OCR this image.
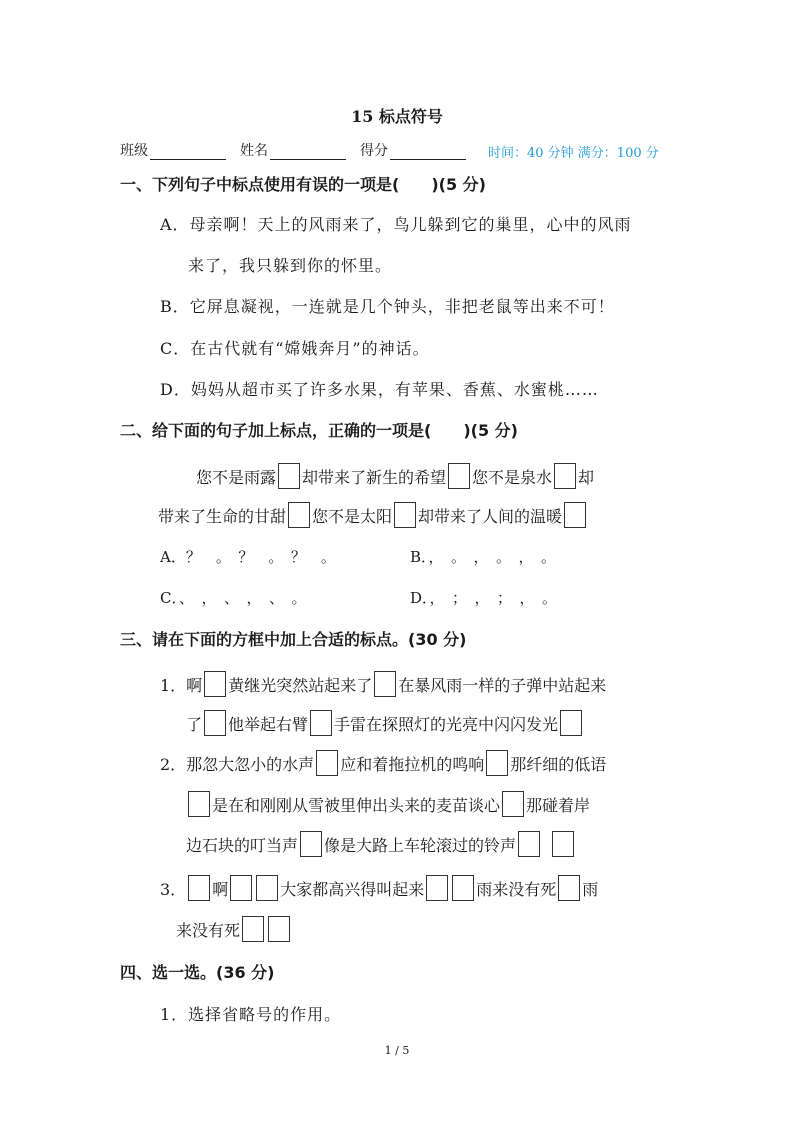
15 标点符号
班级	姓名	得分	时间：40 分钟 满分：100 分
一、下列句子中标点使用有误的一项是(　　)(5 分)
A．母亲啊！天上的风雨来了，鸟儿躲到它的巢里，心中的风雨
来了，我只躲到你的怀里。
B．它屏息凝视，一连就是几个钟头，非把老鼠等出来不可！
C．在古代就有“嫦娥奔月”的神话。
D．妈妈从超市买了许多水果，有苹果、香蕉、水蜜桃……
二、给下面的句子加上标点，正确的一项是(　　)(5 分)
您不是雨露 却带来了新生的希望 您不是泉水 却
带来了生命的甘甜 您不是太阳 却带来了人间的温暖
A．？　。　？　。　？　。	B．，　。　，　。　，　。
C．、　，　、　，　、　。	D．，　；　，　；　，　。
三、请在下面的方框中加上合适的标点。(30 分)
1．啊 黄继光突然站起来了 在暴风雨一样的子弹中站起来
了 他举起右臂 手雷在探照灯的光亮中闪闪发光
2．那忽大忽小的水声 应和着拖拉机的鸣响 那纤细的低语
是在和刚刚从雪被里伸出头来的麦苗谈心 那碰着岸
边石块的叮当声 像是大路上车轮滚过的铃声
3． 啊	大家都高兴得叫起来	雨来没有死 雨
来没有死
四、选一选。(36 分)
1．选择省略号的作用。
1 / 5
